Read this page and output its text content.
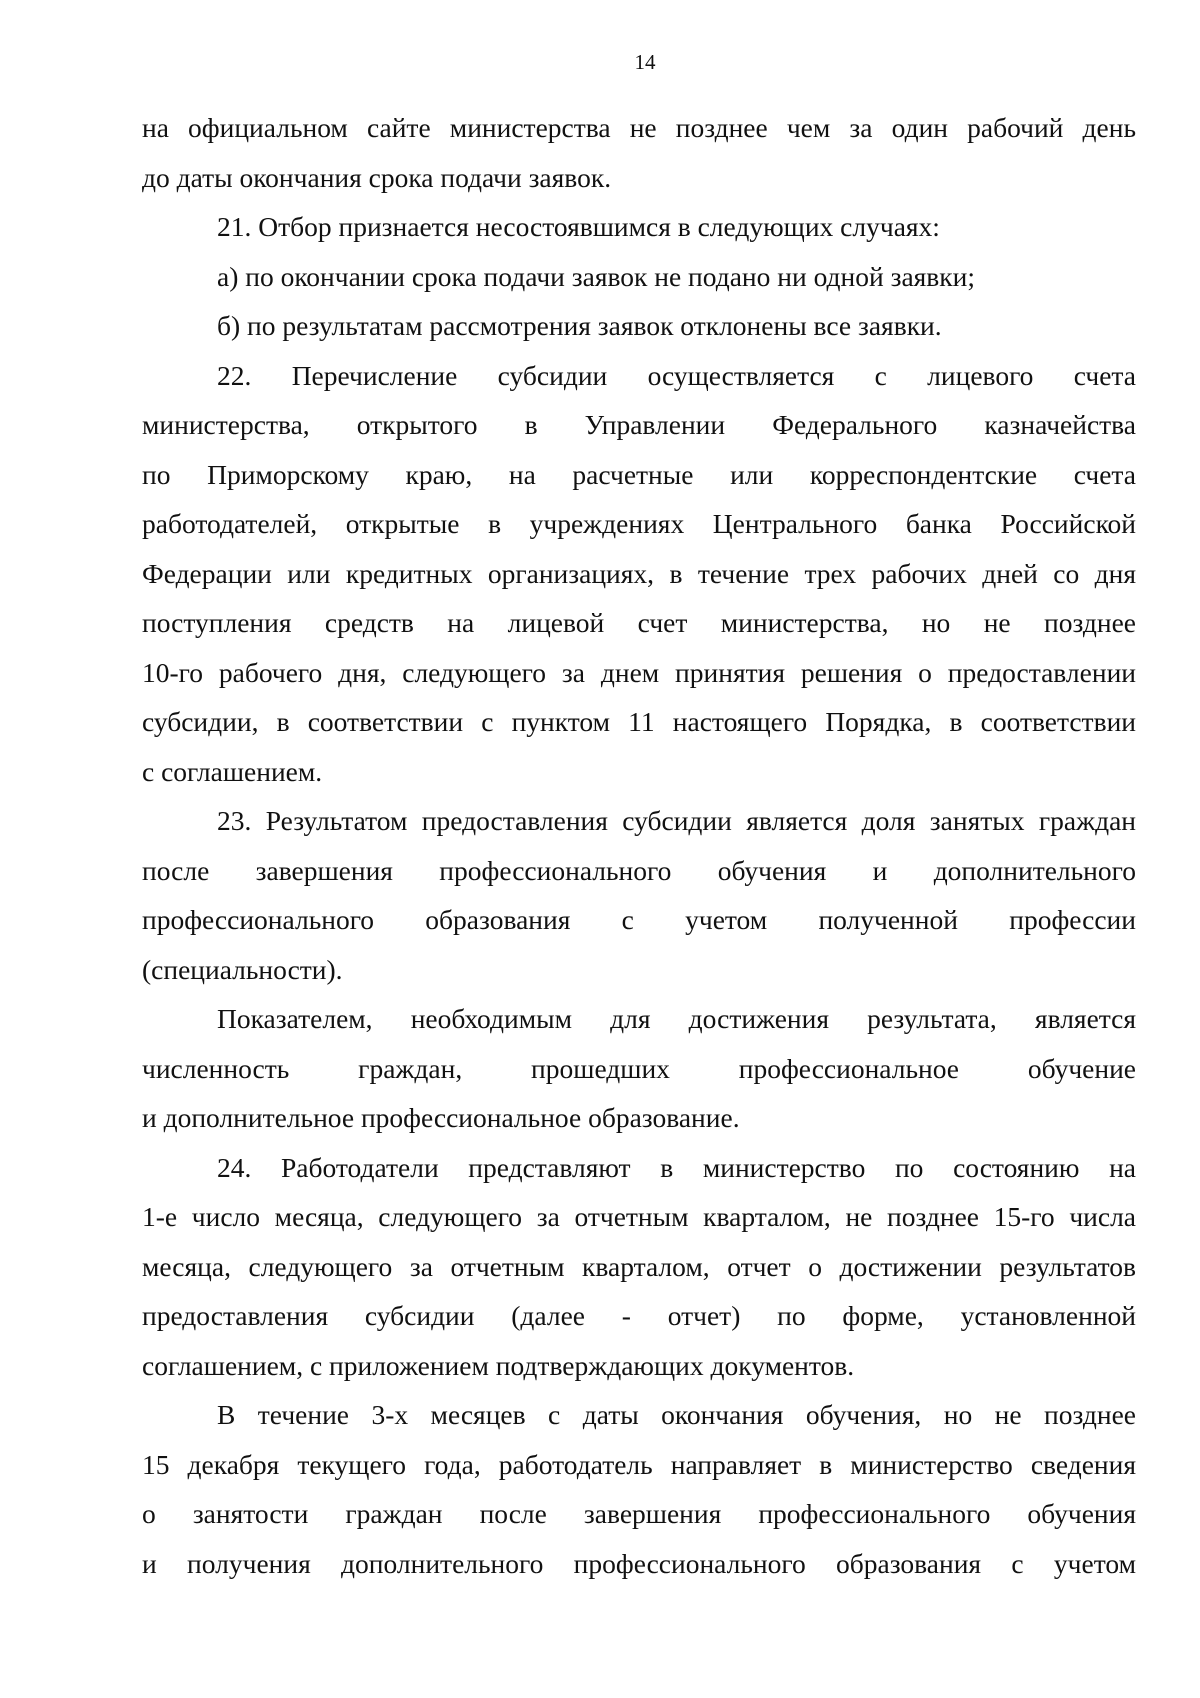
14
на официальном сайте министерства не позднее чем за один рабочий день
до даты окончания срока подачи заявок.
21. Отбор признается несостоявшимся в следующих случаях:
а) по окончании срока подачи заявок не подано ни одной заявки;
б) по результатам рассмотрения заявок отклонены все заявки.
22. Перечисление субсидии осуществляется с лицевого счета
министерства, открытого в Управлении Федерального казначейства
по Приморскому краю, на расчетные или корреспондентские счета
работодателей, открытые в учреждениях Центрального банка Российской
Федерации или кредитных организациях, в течение трех рабочих дней со дня
поступления средств на лицевой счет министерства, но не позднее
10-го рабочего дня, следующего за днем принятия решения о предоставлении
субсидии, в соответствии с пунктом 11 настоящего Порядка, в соответствии
с соглашением.
23. Результатом предоставления субсидии является доля занятых граждан
после завершения профессионального обучения и дополнительного
профессионального образования с учетом полученной профессии
(специальности).
Показателем, необходимым для достижения результата, является
численность граждан, прошедших профессиональное обучение
и дополнительное профессиональное образование.
24. Работодатели представляют в министерство по состоянию на
1-е число месяца, следующего за отчетным кварталом, не позднее 15-го числа
месяца, следующего за отчетным кварталом, отчет о достижении результатов
предоставления субсидии (далее - отчет) по форме, установленной
соглашением, с приложением подтверждающих документов.
В течение 3-х месяцев с даты окончания обучения, но не позднее
15 декабря текущего года, работодатель направляет в министерство сведения
о занятости граждан после завершения профессионального обучения
и получения дополнительного профессионального образования с учетом
